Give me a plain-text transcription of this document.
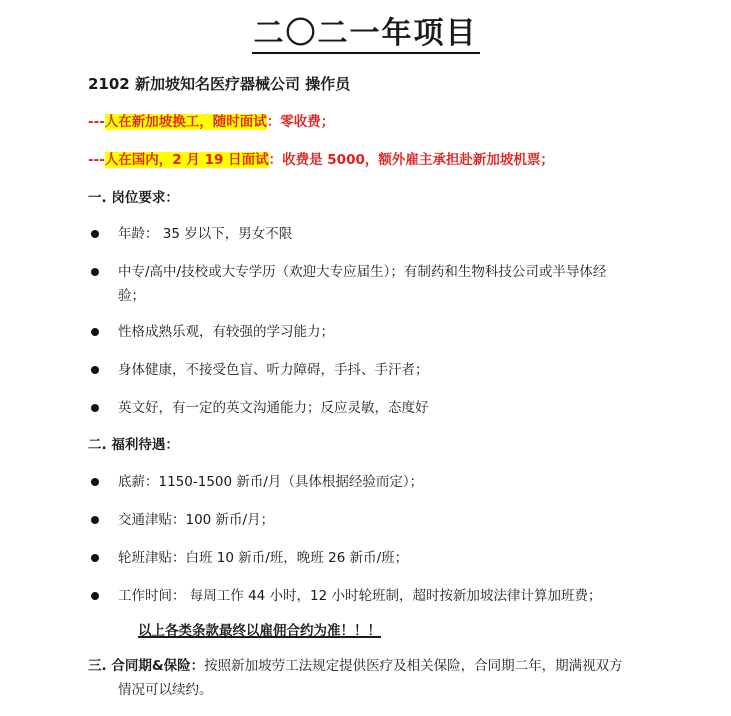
二〇二一年项目
2102 新加坡知名医疗器械公司 操作员
---人在新加坡换工，随时面试：零收费；
---人在国内，2 月 19 日面试：收费是 5000，额外雇主承担赴新加坡机票；
一. 岗位要求：
年龄： 35 岁以下，男女不限
中专/高中/技校或大专学历（欢迎大专应届生）；有制药和生物科技公司或半导体经
验；
性格成熟乐观，有较强的学习能力；
身体健康，不接受色盲、听力障碍，手抖、手汗者；
英文好，有一定的英文沟通能力；反应灵敏，态度好
二. 福利待遇：
底薪：1150-1500 新币/月（具体根据经验而定）；
交通津贴：100 新币/月；
轮班津贴：白班 10 新币/班，晚班 26 新币/班；
工作时间： 每周工作 44 小时，12 小时轮班制，超时按新加坡法律计算加班费；
以上各类条款最终以雇佣合约为准！！！
三. 合同期&保险：按照新加坡劳工法规定提供医疗及相关保险，合同期二年，期满视双方
情况可以续约。
